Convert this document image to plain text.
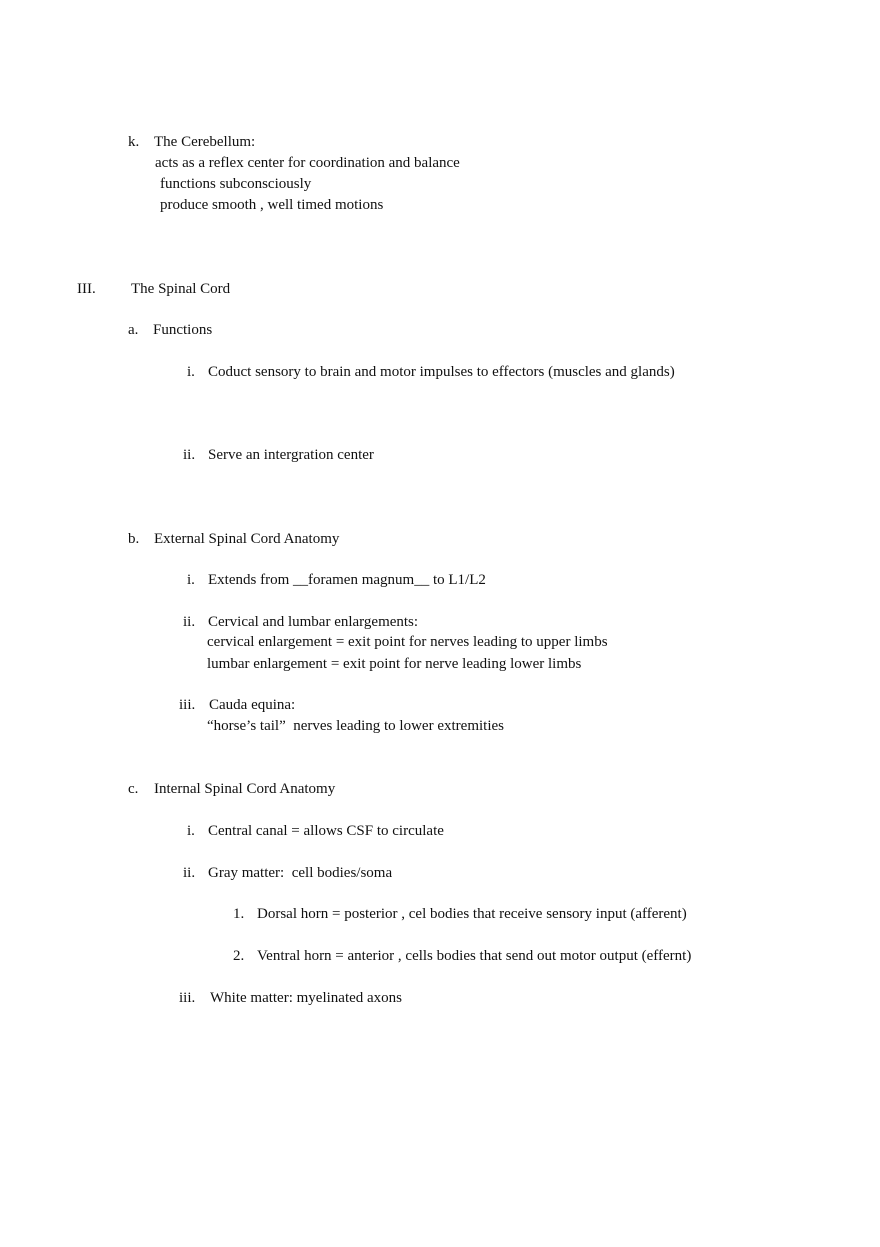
k. The Cerebellum:
acts as a reflex center for coordination and balance
functions subconsciously
produce smooth , well timed motions
III. The Spinal Cord
a. Functions
i. Coduct sensory to brain and motor impulses to effectors (muscles and glands)
ii. Serve an intergration center
b. External Spinal Cord Anatomy
i. Extends from __foramen magnum__ to L1/L2
ii. Cervical and lumbar enlargements:
cervical enlargement = exit point for nerves leading to upper limbs
lumbar enlargement = exit point for nerve leading lower limbs
iii. Cauda equina:
“horse’s tail”  nerves leading to lower extremities
c. Internal Spinal Cord Anatomy
i. Central canal = allows CSF to circulate
ii. Gray matter:  cell bodies/soma
1. Dorsal horn = posterior , cel bodies that receive sensory input (afferent)
2. Ventral horn = anterior , cells bodies that send out motor output (effernt)
iii. White matter: myelinated axons
